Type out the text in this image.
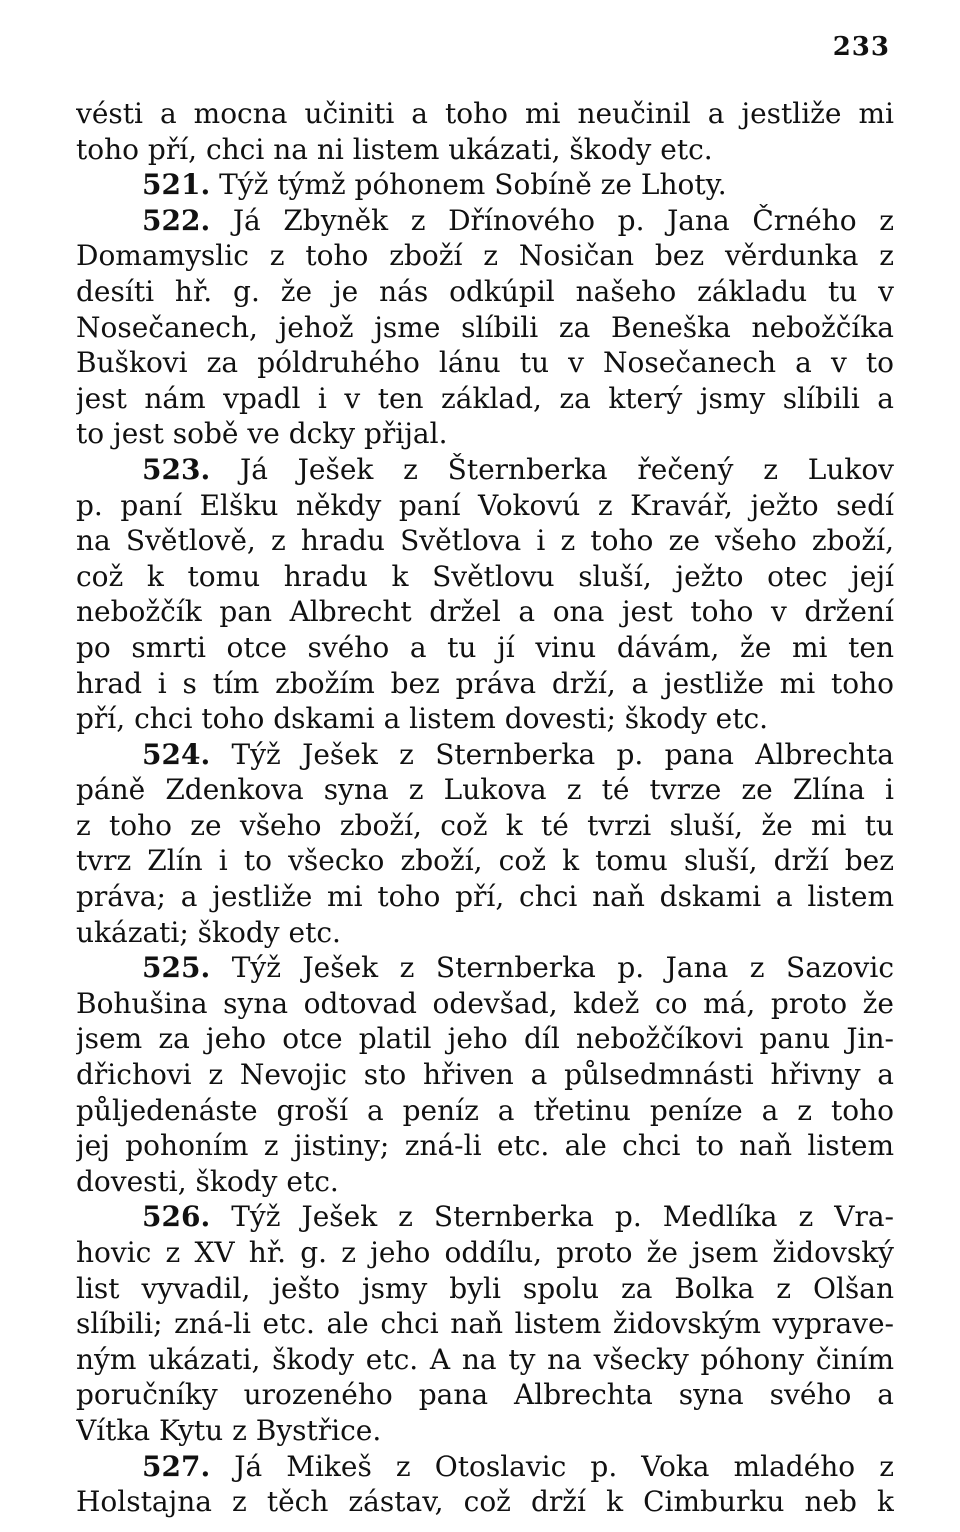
233
vésti a mocna učiniti a toho mi neučinil a jestliže mi
toho pří, chci na ni listem ukázati, škody etc.
521. Týž týmž póhonem Sobíně ze Lhoty.
522. Já Zbyněk z Dřínového p. Jana Črného z
Domamyslic z toho zboží z Nosičan bez věrdunka z
desíti hř. g. že je nás odkúpil našeho základu tu v
Nosečanech, jehož jsme slíbili za Beneška nebožčíka
Buškovi za póldruhého lánu tu v Nosečanech a v to
jest nám vpadl i v ten základ, za který jsmy slíbili a
to jest sobě ve dcky přijal.
523. Já Ješek z Šternberka řečený z Lukov
p. paní Elšku někdy paní Vokovú z Kravář, ježto sedí
na Světlově, z hradu Světlova i z toho ze všeho zboží,
což k tomu hradu k Světlovu sluší, ježto otec její
nebožčík pan Albrecht držel a ona jest toho v držení
po smrti otce svého a tu jí vinu dávám, že mi ten
hrad i s tím zbožím bez práva drží, a jestliže mi toho
pří, chci toho dskami a listem dovesti; škody etc.
524. Týž Ješek z Sternberka p. pana Albrechta
páně Zdenkova syna z Lukova z té tvrze ze Zlína i
z toho ze všeho zboží, což k té tvrzi sluší, že mi tu
tvrz Zlín i to všecko zboží, což k tomu sluší, drží bez
práva; a jestliže mi toho pří, chci naň dskami a listem
ukázati; škody etc.
525. Týž Ješek z Sternberka p. Jana z Sazovic
Bohušina syna odtovad odevšad, kdež co má, proto že
jsem za jeho otce platil jeho díl nebožčíkovi panu Jin-
dřichovi z Nevojic sto hřiven a půlsedmnásti hřivny a
půljedenáste groší a peníz a třetinu peníze a z toho
jej pohoním z jistiny; zná-li etc. ale chci to naň listem
dovesti, škody etc.
526. Týž Ješek z Sternberka p. Medlíka z Vra-
hovic z XV hř. g. z jeho oddílu, proto že jsem židovský
list vyvadil, ješto jsmy byli spolu za Bolka z Olšan
slíbili; zná-li etc. ale chci naň listem židovským vyprave-
ným ukázati, škody etc. A na ty na všecky póhony činím
poručníky urozeného pana Albrechta syna svého a
Vítka Kytu z Bystřice.
527. Já Mikeš z Otoslavic p. Voka mladého z
Holstajna z těch zástav, což drží k Cimburku neb k
